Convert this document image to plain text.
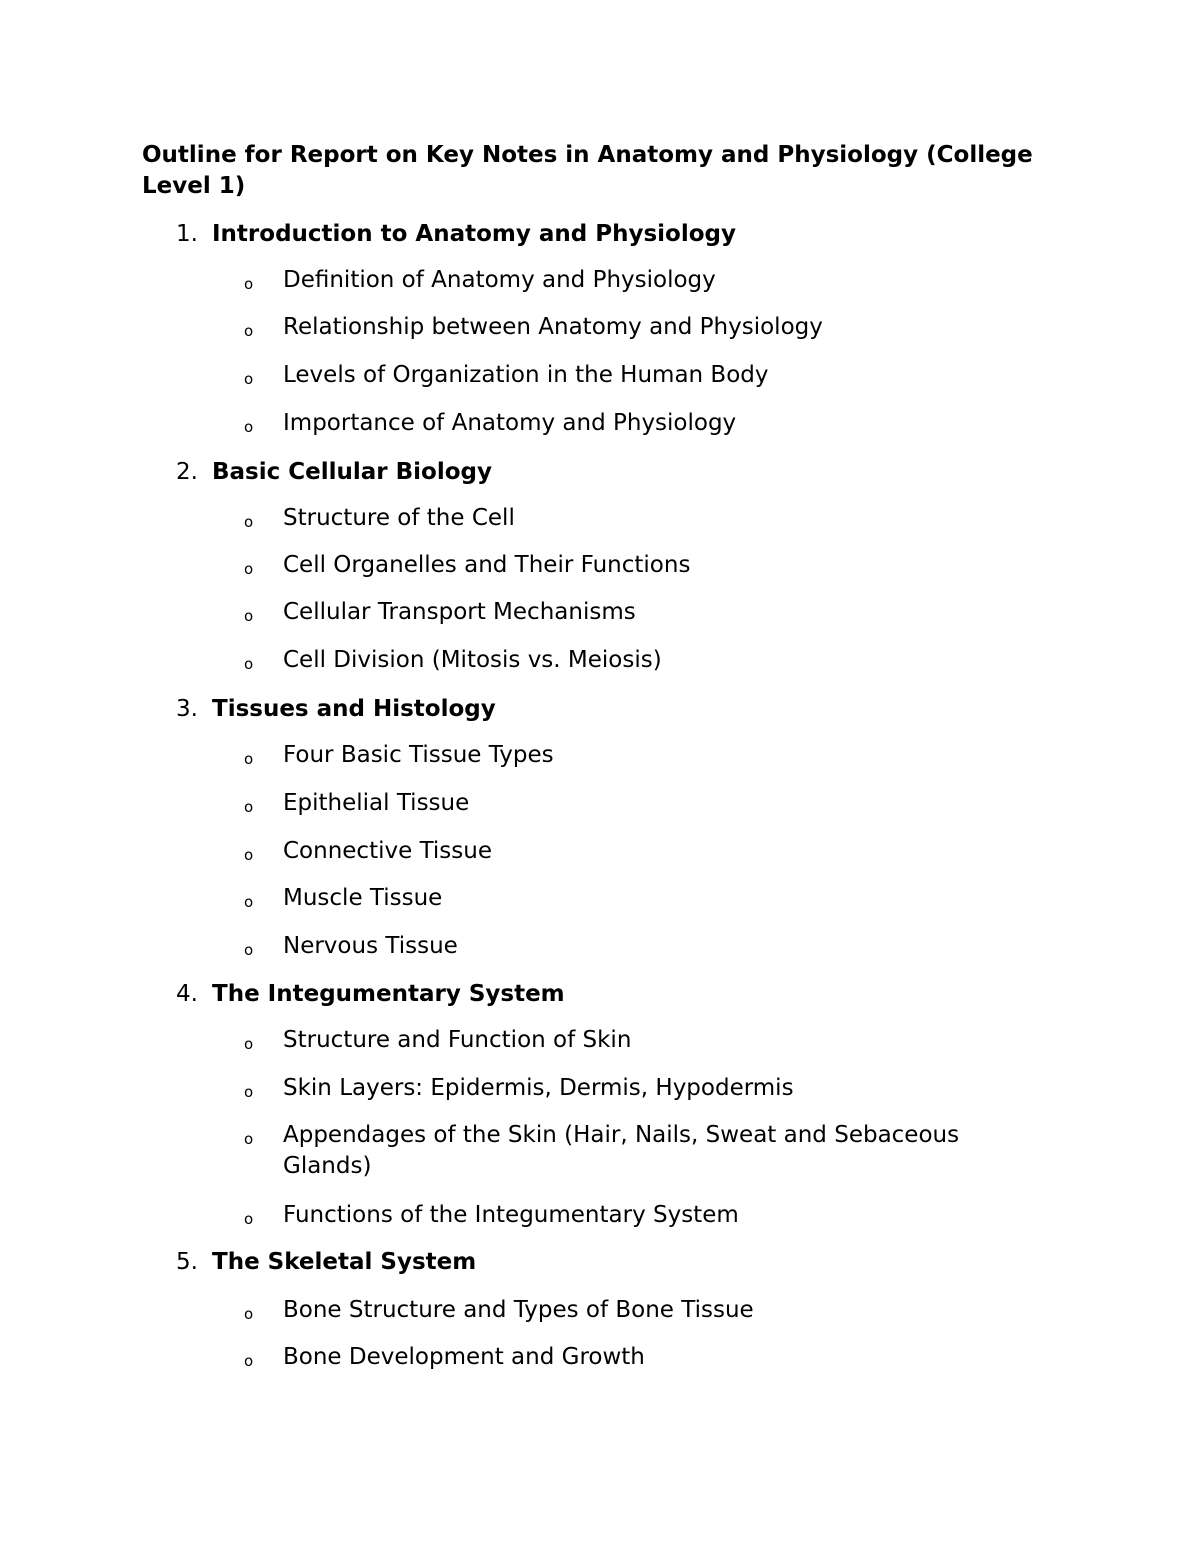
Outline for Report on Key Notes in Anatomy and Physiology (College Level 1)
1. Introduction to Anatomy and Physiology
o Definition of Anatomy and Physiology
o Relationship between Anatomy and Physiology
o Levels of Organization in the Human Body
o Importance of Anatomy and Physiology
2. Basic Cellular Biology
o Structure of the Cell
o Cell Organelles and Their Functions
o Cellular Transport Mechanisms
o Cell Division (Mitosis vs. Meiosis)
3. Tissues and Histology
o Four Basic Tissue Types
o Epithelial Tissue
o Connective Tissue
o Muscle Tissue
o Nervous Tissue
4. The Integumentary System
o Structure and Function of Skin
o Skin Layers: Epidermis, Dermis, Hypodermis
o Appendages of the Skin (Hair, Nails, Sweat and Sebaceous Glands)
o Functions of the Integumentary System
5. The Skeletal System
o Bone Structure and Types of Bone Tissue
o Bone Development and Growth
